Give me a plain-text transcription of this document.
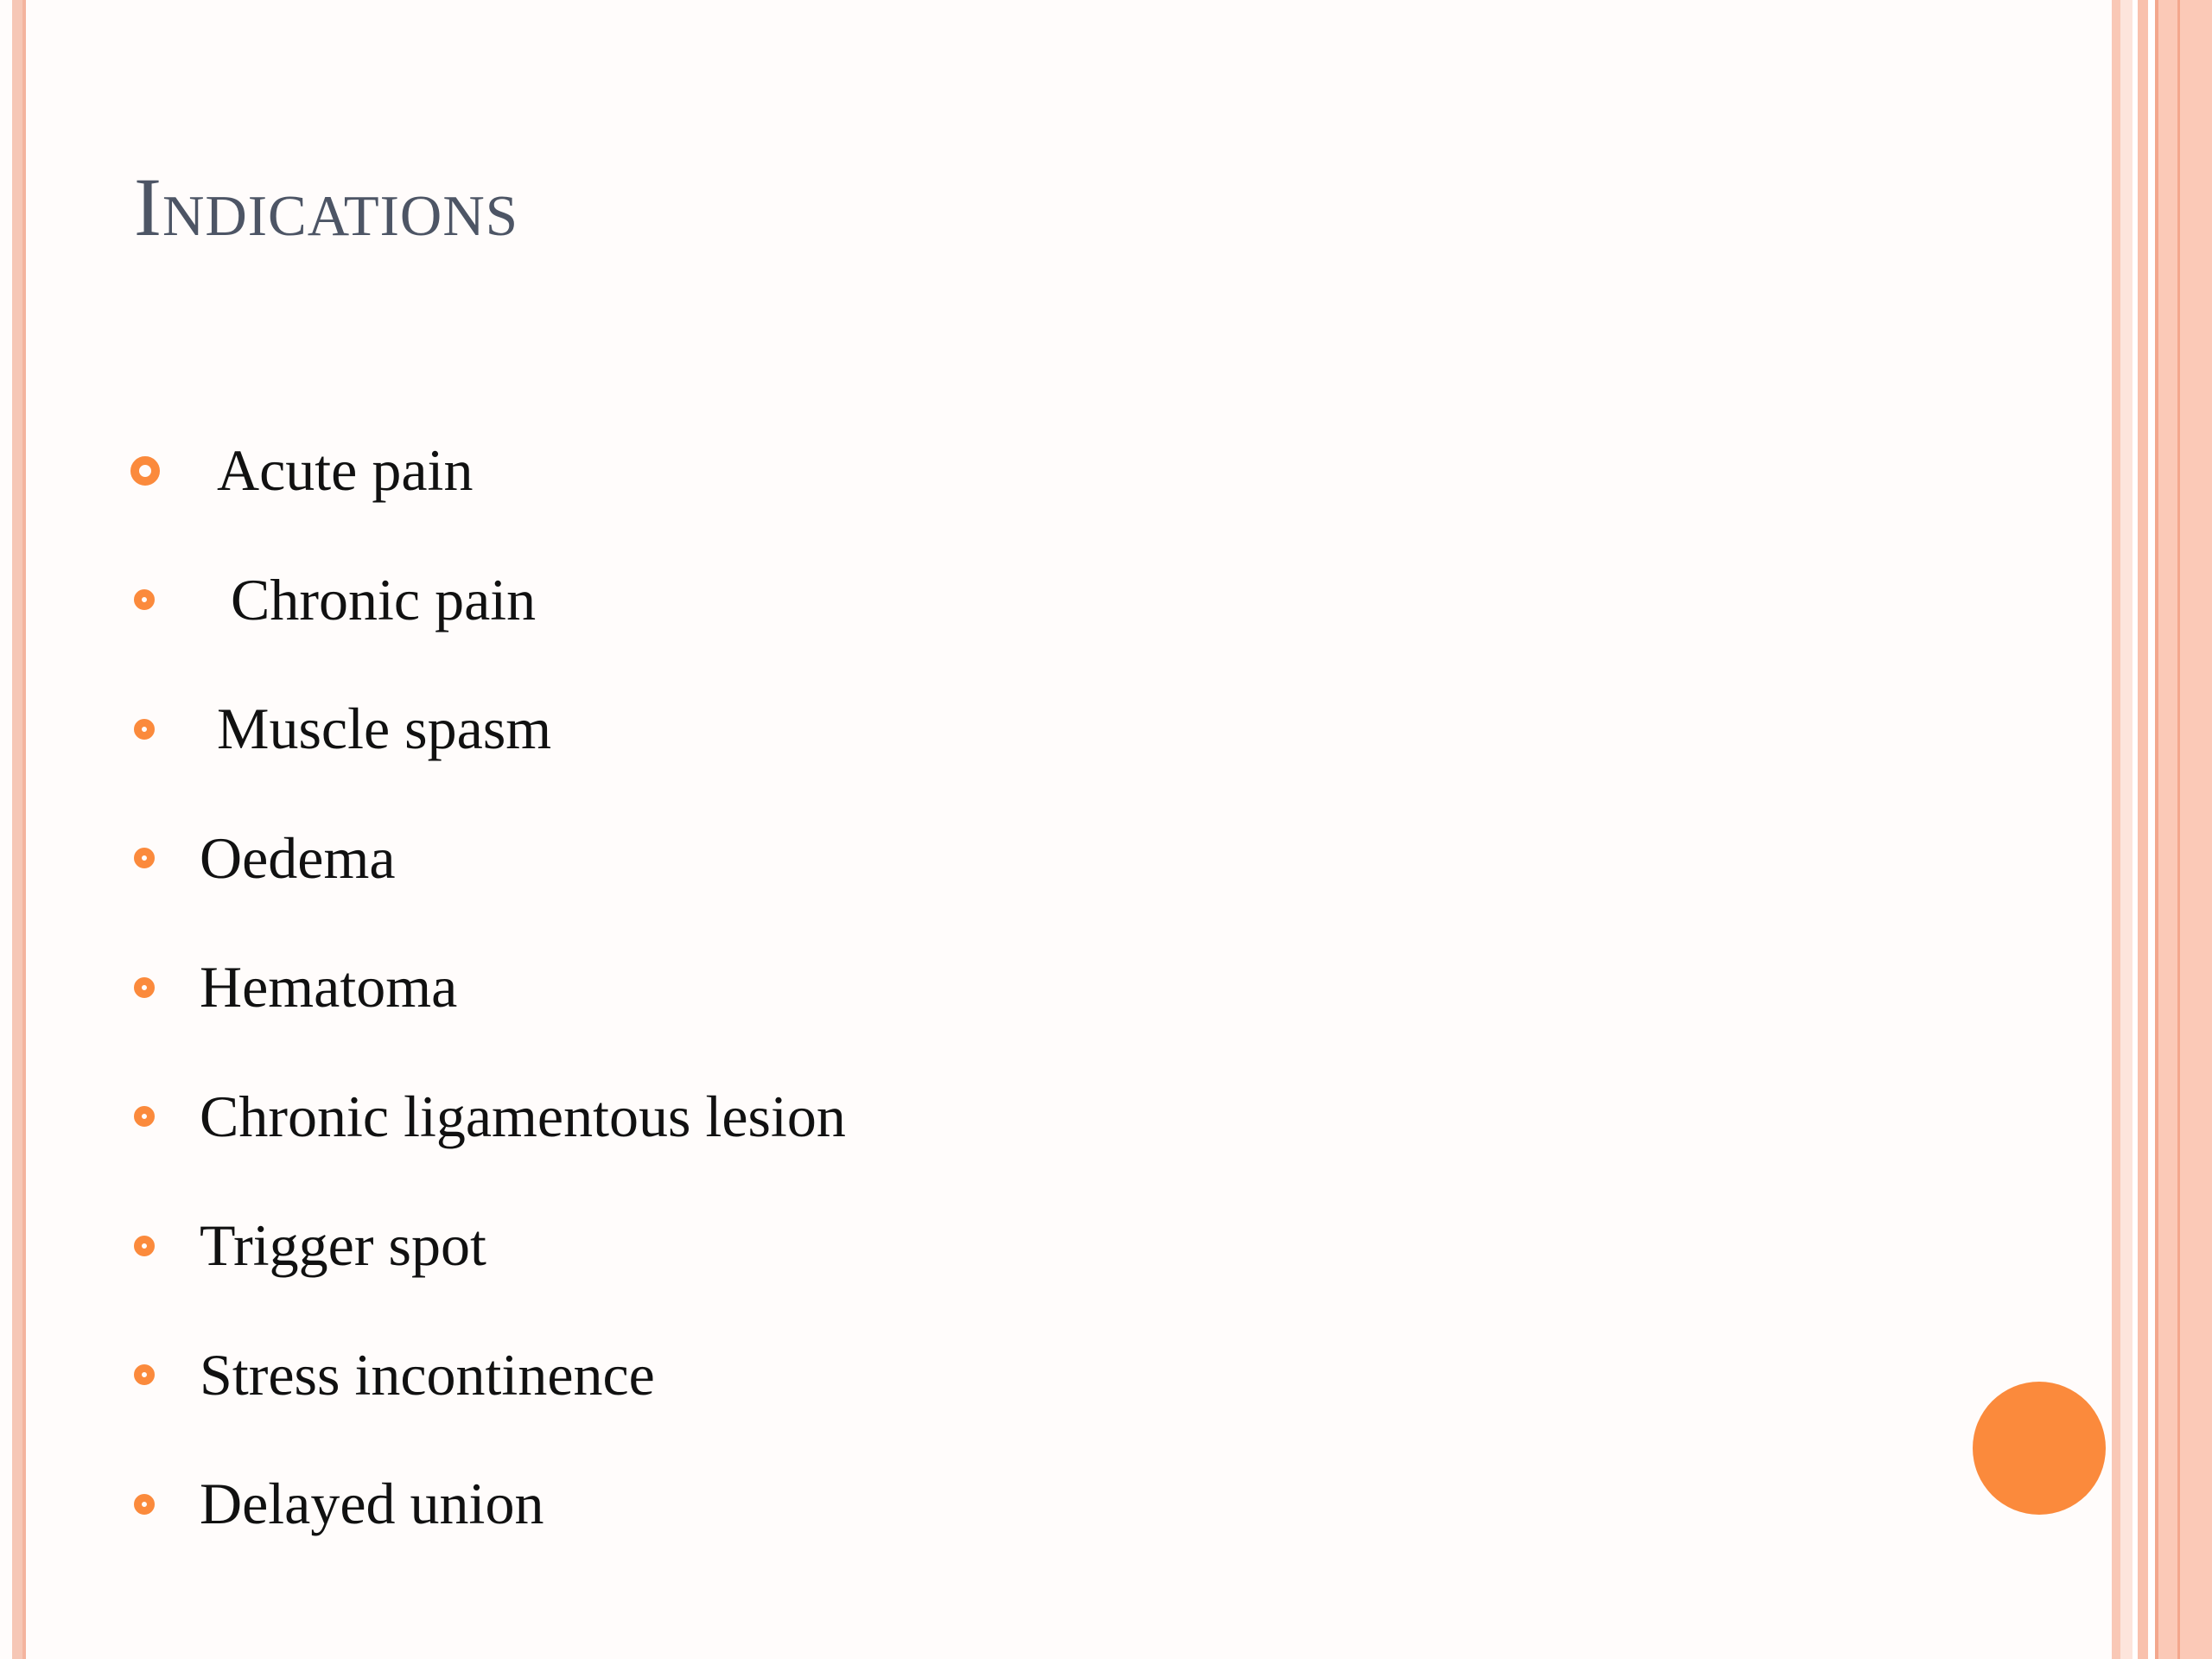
Indications
Acute pain
Chronic pain
Muscle spasm
Oedema
Hematoma
Chronic ligamentous lesion
Trigger spot
Stress incontinence
Delayed union
